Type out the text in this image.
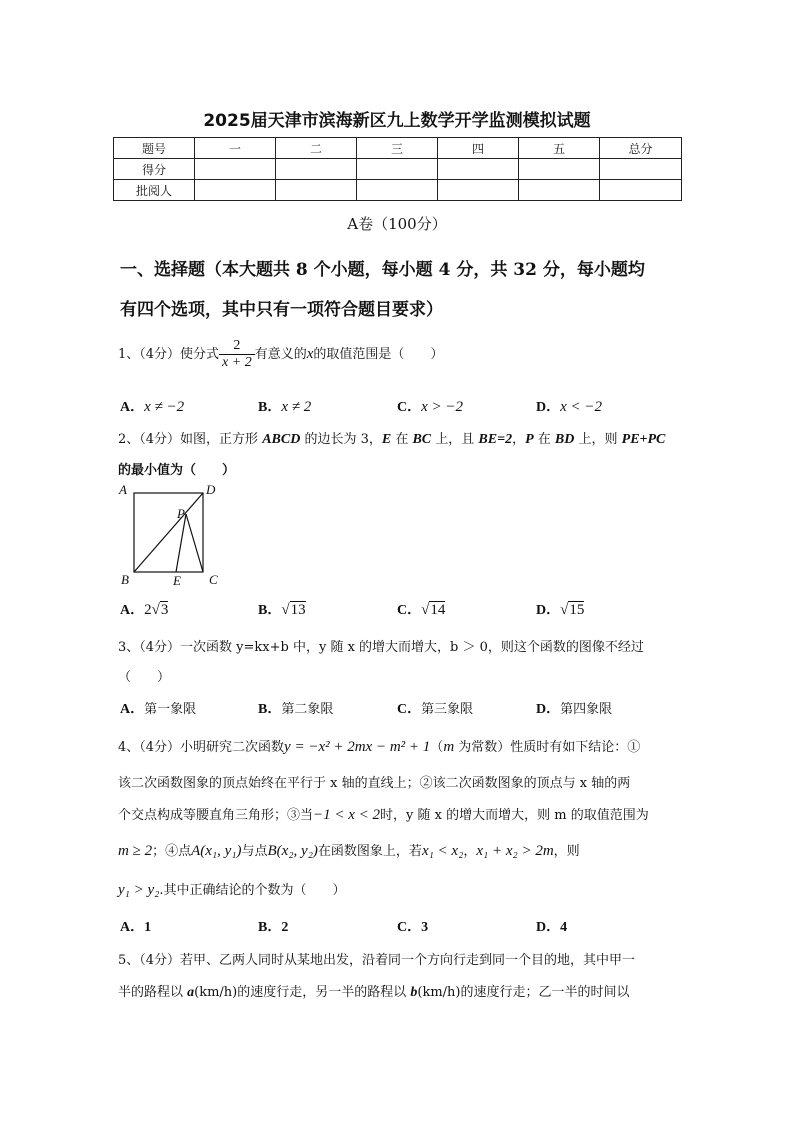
2025届天津市滨海新区九上数学开学监测模拟试题
题号	一	二	三	四	五	总分
得分						
批阅人						
A卷（100分）
一、选择题（本大题共 8 个小题，每小题 4 分，共 32 分，每小题均
有四个选项，其中只有一项符合题目要求）
1、（4分）使分式 $\frac{2}{x + 2}$ 有意义的x的取值范围是（　　）
A．x ≠ −2	B．x ≠ 2	C．x > −2	D．x < −2
2、（4分）如图，正方形 ABCD 的边长为 3，E 在 BC 上，且 BE=2，P 在 BD 上，则 PE+PC
的最小值为（　　）
A	D
P
B	E C
A．2√3	B．√13	C．√14	D．√15
3、（4分）一次函数 y=kx+b 中，y 随 x 的增大而增大，b ＞ 0，则这个函数的图像不经过
（　　）
A．第一象限	B．第二象限	C．第三象限	D．第四象限
4、（4分）小明研究二次函数y = −x² + 2mx − m² + 1（m 为常数）性质时有如下结论：①
该二次函数图象的顶点始终在平行于 x 轴的直线上；②该二次函数图象的顶点与 x 轴的两
个交点构成等腰直角三角形；③当−1 < x < 2时，y 随 x 的增大而增大，则 m 的取值范围为
m ≥ 2；④点A(x₁, y₁)与点B(x₂, y₂)在函数图象上，若x₁ < x₂，x₁ + x₂ > 2m，则
y₁ > y₂.其中正确结论的个数为（　　）
A．1	B．2	C．3	D．4
5、（4分）若甲、乙两人同时从某地出发，沿着同一个方向行走到同一个目的地，其中甲一
半的路程以 a(km/h)的速度行走，另一半的路程以 b(km/h)的速度行走；乙一半的时间以
